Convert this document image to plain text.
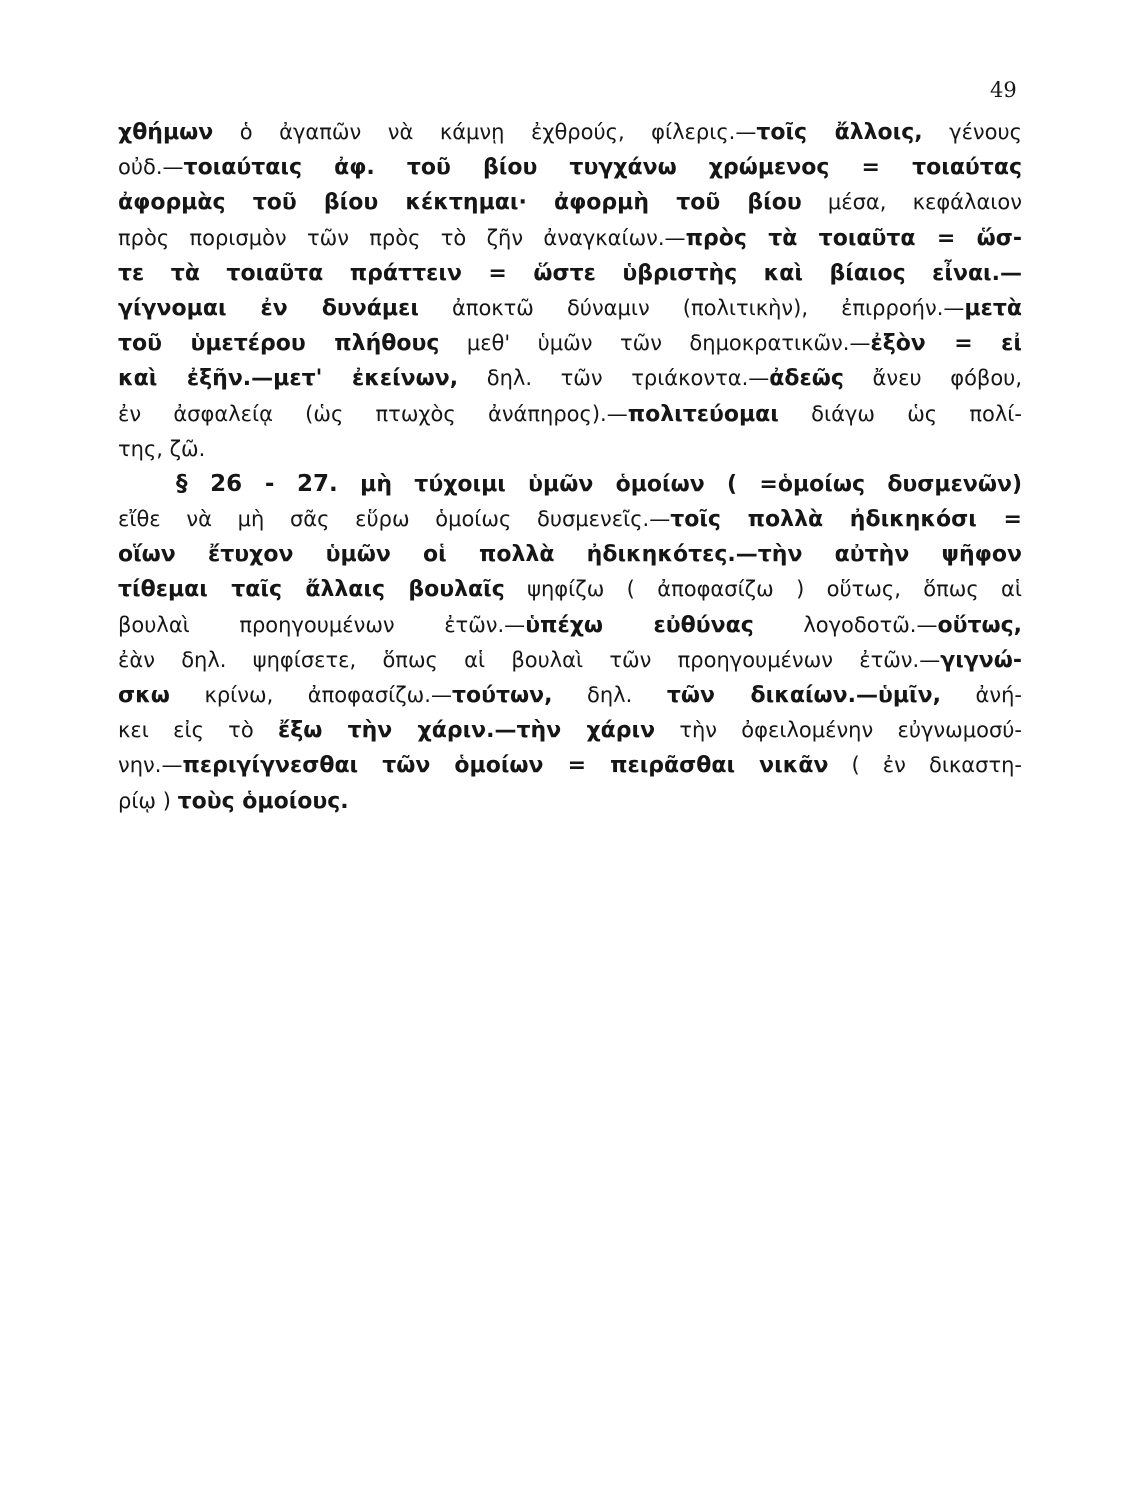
49
χθήμων ὁ ἀγαπῶν νὰ κάμνῃ ἐχθρούς, φίλερις.—τοῖς ἄλλοις, γένους
οὐδ.—τοιαύταις ἀφ. τοῦ βίου τυγχάνω χρώμενος = τοιαύτας
ἀφορμὰς τοῦ βίου κέκτημαι· ἀφορμὴ τοῦ βίου μέσα, κεφάλαιον
πρὸς πορισμὸν τῶν πρὸς τὸ ζῆν ἀναγκαίων.—πρὸς τὰ τοιαῦτα = ὥσ-
τε τὰ τοιαῦτα πράττειν = ὥστε ὑβριστὴς καὶ βίαιος εἶναι.—
γίγνομαι ἐν δυνάμει ἀποκτῶ δύναμιν (πολιτικὴν), ἐπιρροήν.—μετὰ
τοῦ ὑμετέρου πλήθους μεθ' ὑμῶν τῶν δημοκρατικῶν.—ἐξὸν = εἰ
καὶ ἐξῆν.—μετ' ἐκείνων, δηλ. τῶν τριάκοντα.—ἀδεῶς ἄνευ φόβου,
ἐν ἀσφαλείᾳ (ὡς πτωχὸς ἀνάπηρος).—πολιτεύομαι διάγω ὡς πολί-
της, ζῶ.
§ 26 - 27. μὴ τύχοιμι ὑμῶν ὁμοίων ( =ὁμοίως δυσμενῶν)
εἴθε νὰ μὴ σᾶς εὕρω ὁμοίως δυσμενεῖς.—τοῖς πολλὰ ἠδικηκόσι =
οἵων ἔτυχον ὑμῶν οἱ πολλὰ ἠδικηκότες.—τὴν αὐτὴν ψῆφον
τίθεμαι ταῖς ἄλλαις βουλαῖς ψηφίζω ( ἀποφασίζω ) οὕτως, ὅπως αἱ
βουλαὶ προηγουμένων ἐτῶν.—ὑπέχω εὐθύνας λογοδοτῶ.—οὕτως,
ἐὰν δηλ. ψηφίσετε, ὅπως αἱ βουλαὶ τῶν προηγουμένων ἐτῶν.—γιγνώ-
σκω κρίνω, ἀποφασίζω.—τούτων, δηλ. τῶν δικαίων.—ὑμῖν, ἀνή-
κει εἰς τὸ ἔξω τὴν χάριν.—τὴν χάριν τὴν ὀφειλομένην εὐγνωμοσύ-
νην.—περιγίγνεσθαι τῶν ὁμοίων = πειρᾶσθαι νικᾶν ( ἐν δικαστη-
ρίῳ ) τοὺς ὁμοίους.
